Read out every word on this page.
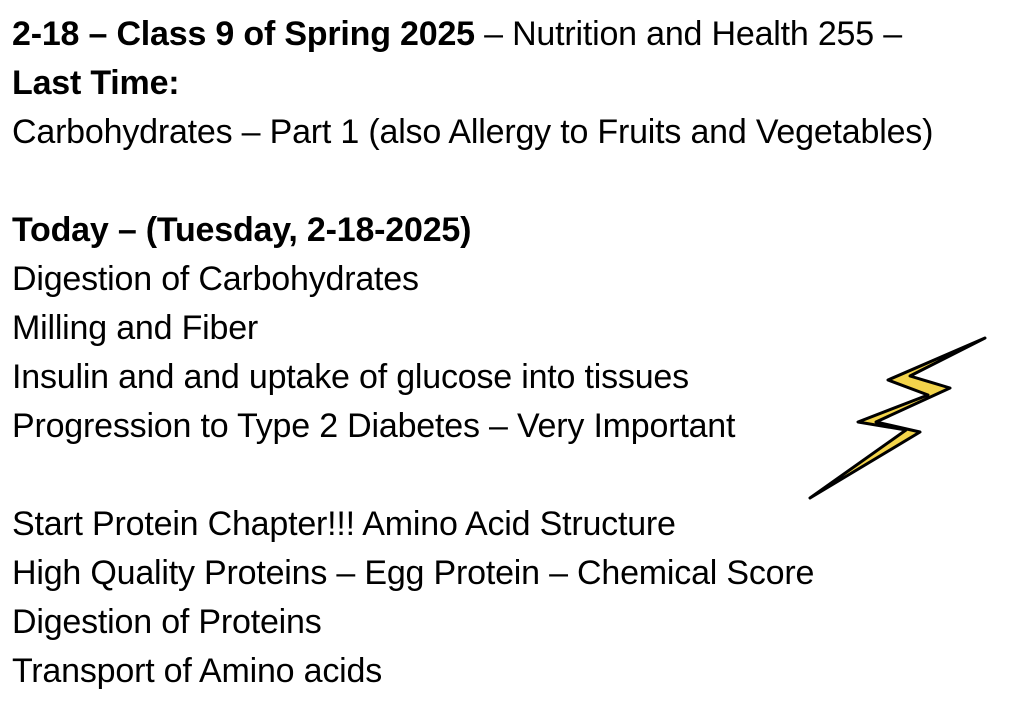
2-18 – Class 9 of Spring 2025 – Nutrition and Health 255 –
Last Time:
Carbohydrates – Part 1 (also Allergy to Fruits and Vegetables)
Today – (Tuesday, 2-18-2025)
Digestion of Carbohydrates
Milling and Fiber
Insulin and and uptake of glucose into tissues
Progression to Type 2 Diabetes – Very Important
Start Protein Chapter!!! Amino Acid Structure
High Quality Proteins – Egg Protein – Chemical Score
Digestion of Proteins
Transport of Amino acids
